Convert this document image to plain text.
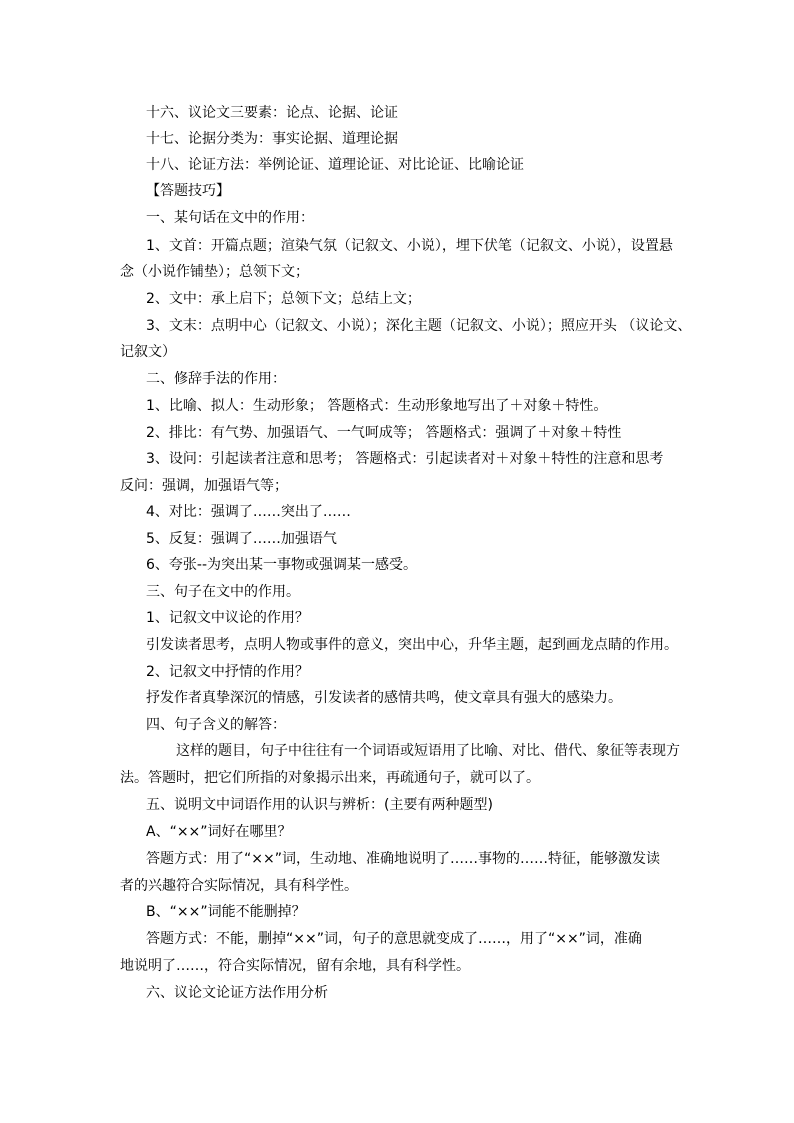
十六、议论文三要素：论点、论据、论证
十七、论据分类为：事实论据、道理论据
十八、论证方法：举例论证、道理论证、对比论证、比喻论证
【答题技巧】
一、某句话在文中的作用：
1、文首：开篇点题；渲染气氛（记叙文、小说），埋下伏笔（记叙文、小说），设置悬
念（小说作铺垫）；总领下文；
2、文中：承上启下；总领下文；总结上文；
3、文末：点明中心（记叙文、小说）；深化主题（记叙文、小说）；照应开头 （议论文、
记叙文）
二、修辞手法的作用：
1、比喻、拟人：生动形象； 答题格式：生动形象地写出了＋对象＋特性。
2、排比：有气势、加强语气、一气呵成等； 答题格式：强调了＋对象＋特性
3、设问：引起读者注意和思考； 答题格式：引起读者对＋对象＋特性的注意和思考
反问：强调，加强语气等；
4、对比：强调了……突出了……
5、反复：强调了……加强语气
6、夸张--为突出某一事物或强调某一感受。
三、句子在文中的作用。
1、记叙文中议论的作用？
引发读者思考，点明人物或事件的意义，突出中心，升华主题，起到画龙点睛的作用。
2、记叙文中抒情的作用？
抒发作者真挚深沉的情感，引发读者的感情共鸣，使文章具有强大的感染力。
四、句子含义的解答：
这样的题目，句子中往往有一个词语或短语用了比喻、对比、借代、象征等表现方
法。答题时，把它们所指的对象揭示出来，再疏通句子，就可以了。
五、说明文中词语作用的认识与辨析：(主要有两种题型)
A、“××”词好在哪里？
答题方式：用了“××”词，生动地、准确地说明了……事物的……特征，能够激发读
者的兴趣符合实际情况，具有科学性。
B、“××”词能不能删掉？
答题方式：不能，删掉“××”词，句子的意思就变成了……，用了“××”词，准确
地说明了……，符合实际情况，留有余地，具有科学性。
六、议论文论证方法作用分析
